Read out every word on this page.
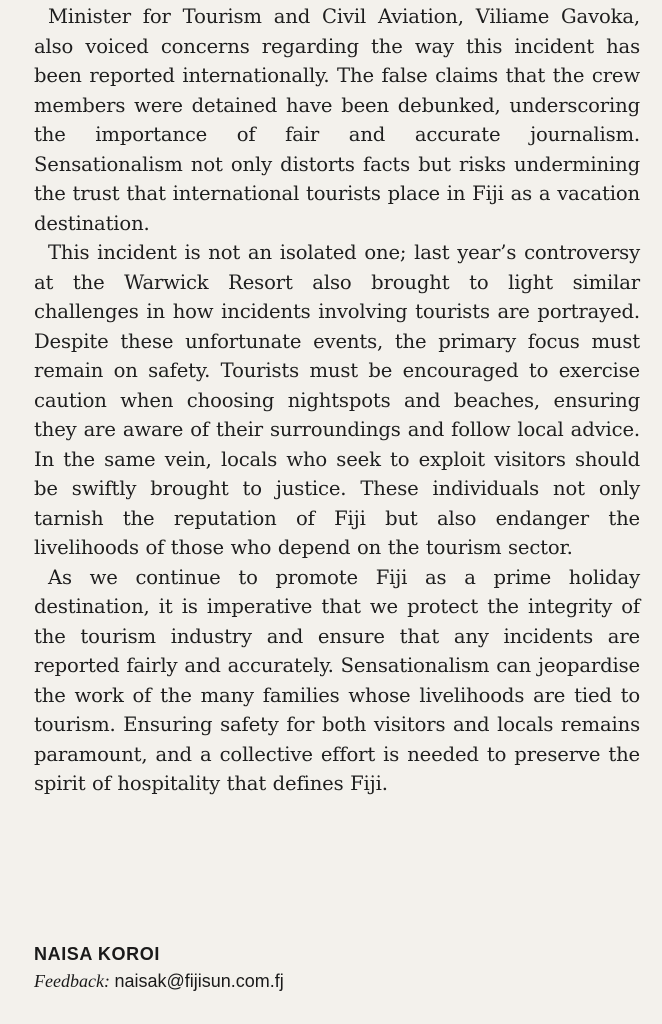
Minister for Tourism and Civil Aviation, Viliame Gavoka, also voiced concerns regarding the way this incident has been reported internationally. The false claims that the crew members were detained have been debunked, underscoring the importance of fair and accurate journalism. Sensationalism not only distorts facts but risks undermining the trust that international tourists place in Fiji as a vacation destination.

This incident is not an isolated one; last year’s controversy at the Warwick Resort also brought to light similar challenges in how incidents involving tourists are portrayed. Despite these unfortunate events, the primary focus must remain on safety. Tourists must be encouraged to exercise caution when choosing nightspots and beaches, ensuring they are aware of their surroundings and follow local advice. In the same vein, locals who seek to exploit visitors should be swiftly brought to justice. These individuals not only tarnish the reputation of Fiji but also endanger the livelihoods of those who depend on the tourism sector.

As we continue to promote Fiji as a prime holiday destination, it is imperative that we protect the integrity of the tourism industry and ensure that any incidents are reported fairly and accurately. Sensationalism can jeopardise the work of the many families whose livelihoods are tied to tourism. Ensuring safety for both visitors and locals remains paramount, and a collective effort is needed to preserve the spirit of hospitality that defines Fiji.

NAISA KOROI
Feedback: naisak@fijisun.com.fj
